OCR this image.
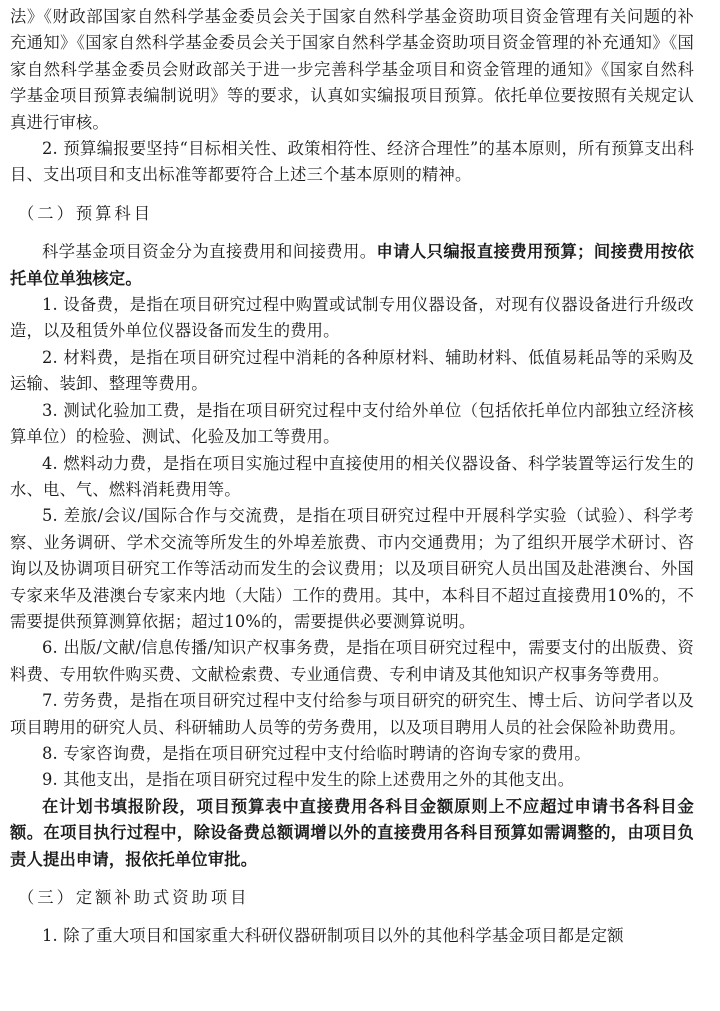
法》《财政部国家自然科学基金委员会关于国家自然科学基金资助项目资金管理有关问题的补充通知》《国家自然科学基金委员会关于国家自然科学基金资助项目资金管理的补充通知》《国家自然科学基金委员会财政部关于进一步完善科学基金项目和资金管理的通知》《国家自然科学基金项目预算表编制说明》等的要求，认真如实编报项目预算。依托单位要按照有关规定认真进行审核。

2. 预算编报要坚持“目标相关性、政策相符性、经济合理性”的基本原则，所有预算支出科目、支出项目和支出标准等都要符合上述三个基本原则的精神。

（二）预算科目

科学基金项目资金分为直接费用和间接费用。申请人只编报直接费用预算；间接费用按依托单位单独核定。

1. 设备费，是指在项目研究过程中购置或试制专用仪器设备，对现有仪器设备进行升级改造，以及租赁外单位仪器设备而发生的费用。

2. 材料费，是指在项目研究过程中消耗的各种原材料、辅助材料、低值易耗品等的采购及运输、装卸、整理等费用。

3. 测试化验加工费，是指在项目研究过程中支付给外单位（包括依托单位内部独立经济核算单位）的检验、测试、化验及加工等费用。

4. 燃料动力费，是指在项目实施过程中直接使用的相关仪器设备、科学装置等运行发生的水、电、气、燃料消耗费用等。

5. 差旅/会议/国际合作与交流费，是指在项目研究过程中开展科学实验（试验）、科学考察、业务调研、学术交流等所发生的外埠差旅费、市内交通费用；为了组织开展学术研讨、咨询以及协调项目研究工作等活动而发生的会议费用；以及项目研究人员出国及赴港澳台、外国专家来华及港澳台专家来内地（大陆）工作的费用。其中，本科目不超过直接费用10%的，不需要提供预算测算依据；超过10%的，需要提供必要测算说明。

6. 出版/文献/信息传播/知识产权事务费，是指在项目研究过程中，需要支付的出版费、资料费、专用软件购买费、文献检索费、专业通信费、专利申请及其他知识产权事务等费用。

7. 劳务费，是指在项目研究过程中支付给参与项目研究的研究生、博士后、访问学者以及项目聘用的研究人员、科研辅助人员等的劳务费用，以及项目聘用人员的社会保险补助费用。

8. 专家咨询费，是指在项目研究过程中支付给临时聘请的咨询专家的费用。

9. 其他支出，是指在项目研究过程中发生的除上述费用之外的其他支出。

在计划书填报阶段，项目预算表中直接费用各科目金额原则上不应超过申请书各科目金额。在项目执行过程中，除设备费总额调增以外的直接费用各科目预算如需调整的，由项目负责人提出申请，报依托单位审批。

（三）定额补助式资助项目

1. 除了重大项目和国家重大科研仪器研制项目以外的其他科学基金项目都是定额
